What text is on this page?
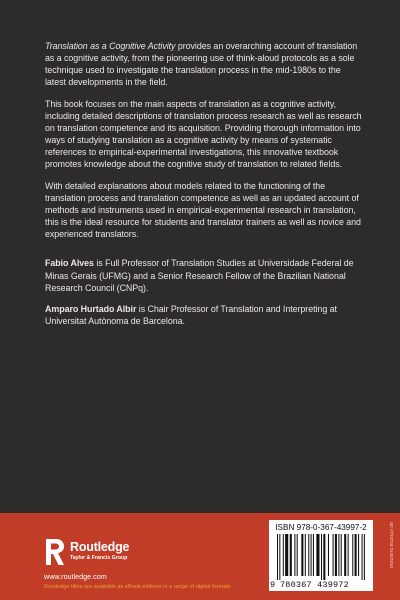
Translation as a Cognitive Activity provides an overarching account of translation as a cognitive activity, from the pioneering use of think-aloud protocols as a sole technique used to investigate the translation process in the mid-1980s to the latest developments in the field.

This book focuses on the main aspects of translation as a cognitive activity, including detailed descriptions of translation process research as well as research on translation competence and its acquisition. Providing thorough information into ways of studying translation as a cognitive activity by means of systematic references to empirical-experimental investigations, this innovative textbook promotes knowledge about the cognitive study of translation to related fields.

With detailed explanations about models related to the functioning of the translation process and translation competence as well as an updated account of methods and instruments used in empirical-experimental research in translation, this is the ideal resource for students and translator trainers as well as novice and experienced translators.

Fabio Alves is Full Professor of Translation Studies at Universidade Federal de Minas Gerais (UFMG) and a Senior Research Fellow of the Brazilian National Research Council (CNPq).

Amparo Hurtado Albir is Chair Professor of Translation and Interpreting at Universitat Autònoma de Barcelona.

Routledge
Taylor & Francis Group
www.routledge.com
Routledge titles are available as eBook editions in a range of digital formats
ISBN 978-0-367-43997-2
9 780367 439972
an informa business
